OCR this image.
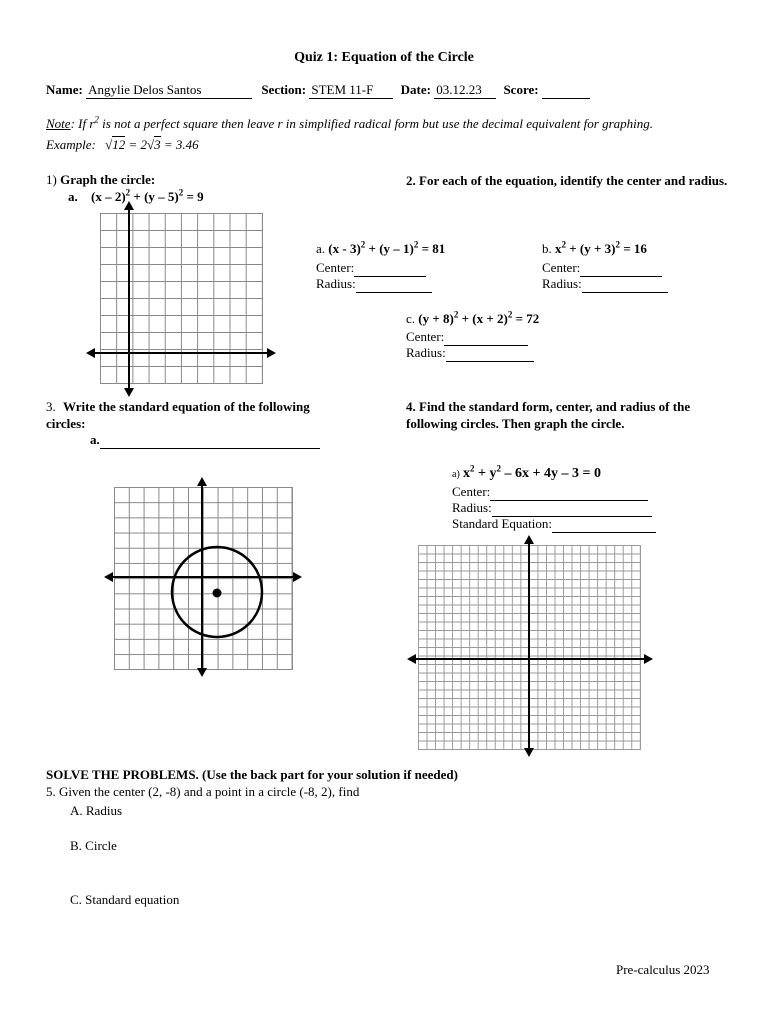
Quiz 1: Equation of the Circle
Name: Angylie Delos Santos	Section: STEM 11-F Date: 03.12.23 Score:
Note: If $r^2$ is not a perfect square then leave r in simplified radical form but use the decimal equivalent for graphing.
Example: √12 = 2√3 = 3.46
1) Graph the circle:
a. (x – 2)$^2$ + (y – 5)$^2$ = 9
2. For each of the equation, identify the center and radius.
a. (x - 3)$^2$ + (y – 1)$^2$ = 81
Center:
Radius:
b. $x^2 + (y + 3)^2 = 16$
Center:
Radius:
c. $(y + 8)^2 + (x + 2)^2 = 72$
Center:
Radius:
3. Write the standard equation of the following circles:
a.
4. Find the standard form, center, and radius of the following circles. Then graph the circle.
a) $x^2 + y^2 - 6x + 4y - 3 = 0$
Center:
Radius:
Standard Equation:
SOLVE THE PROBLEMS. (Use the back part for your solution if needed)
5. Given the center (2, -8) and a point in a circle (-8, 2), find
A. Radius
B. Circle
C. Standard equation
Pre-calculus 2023
